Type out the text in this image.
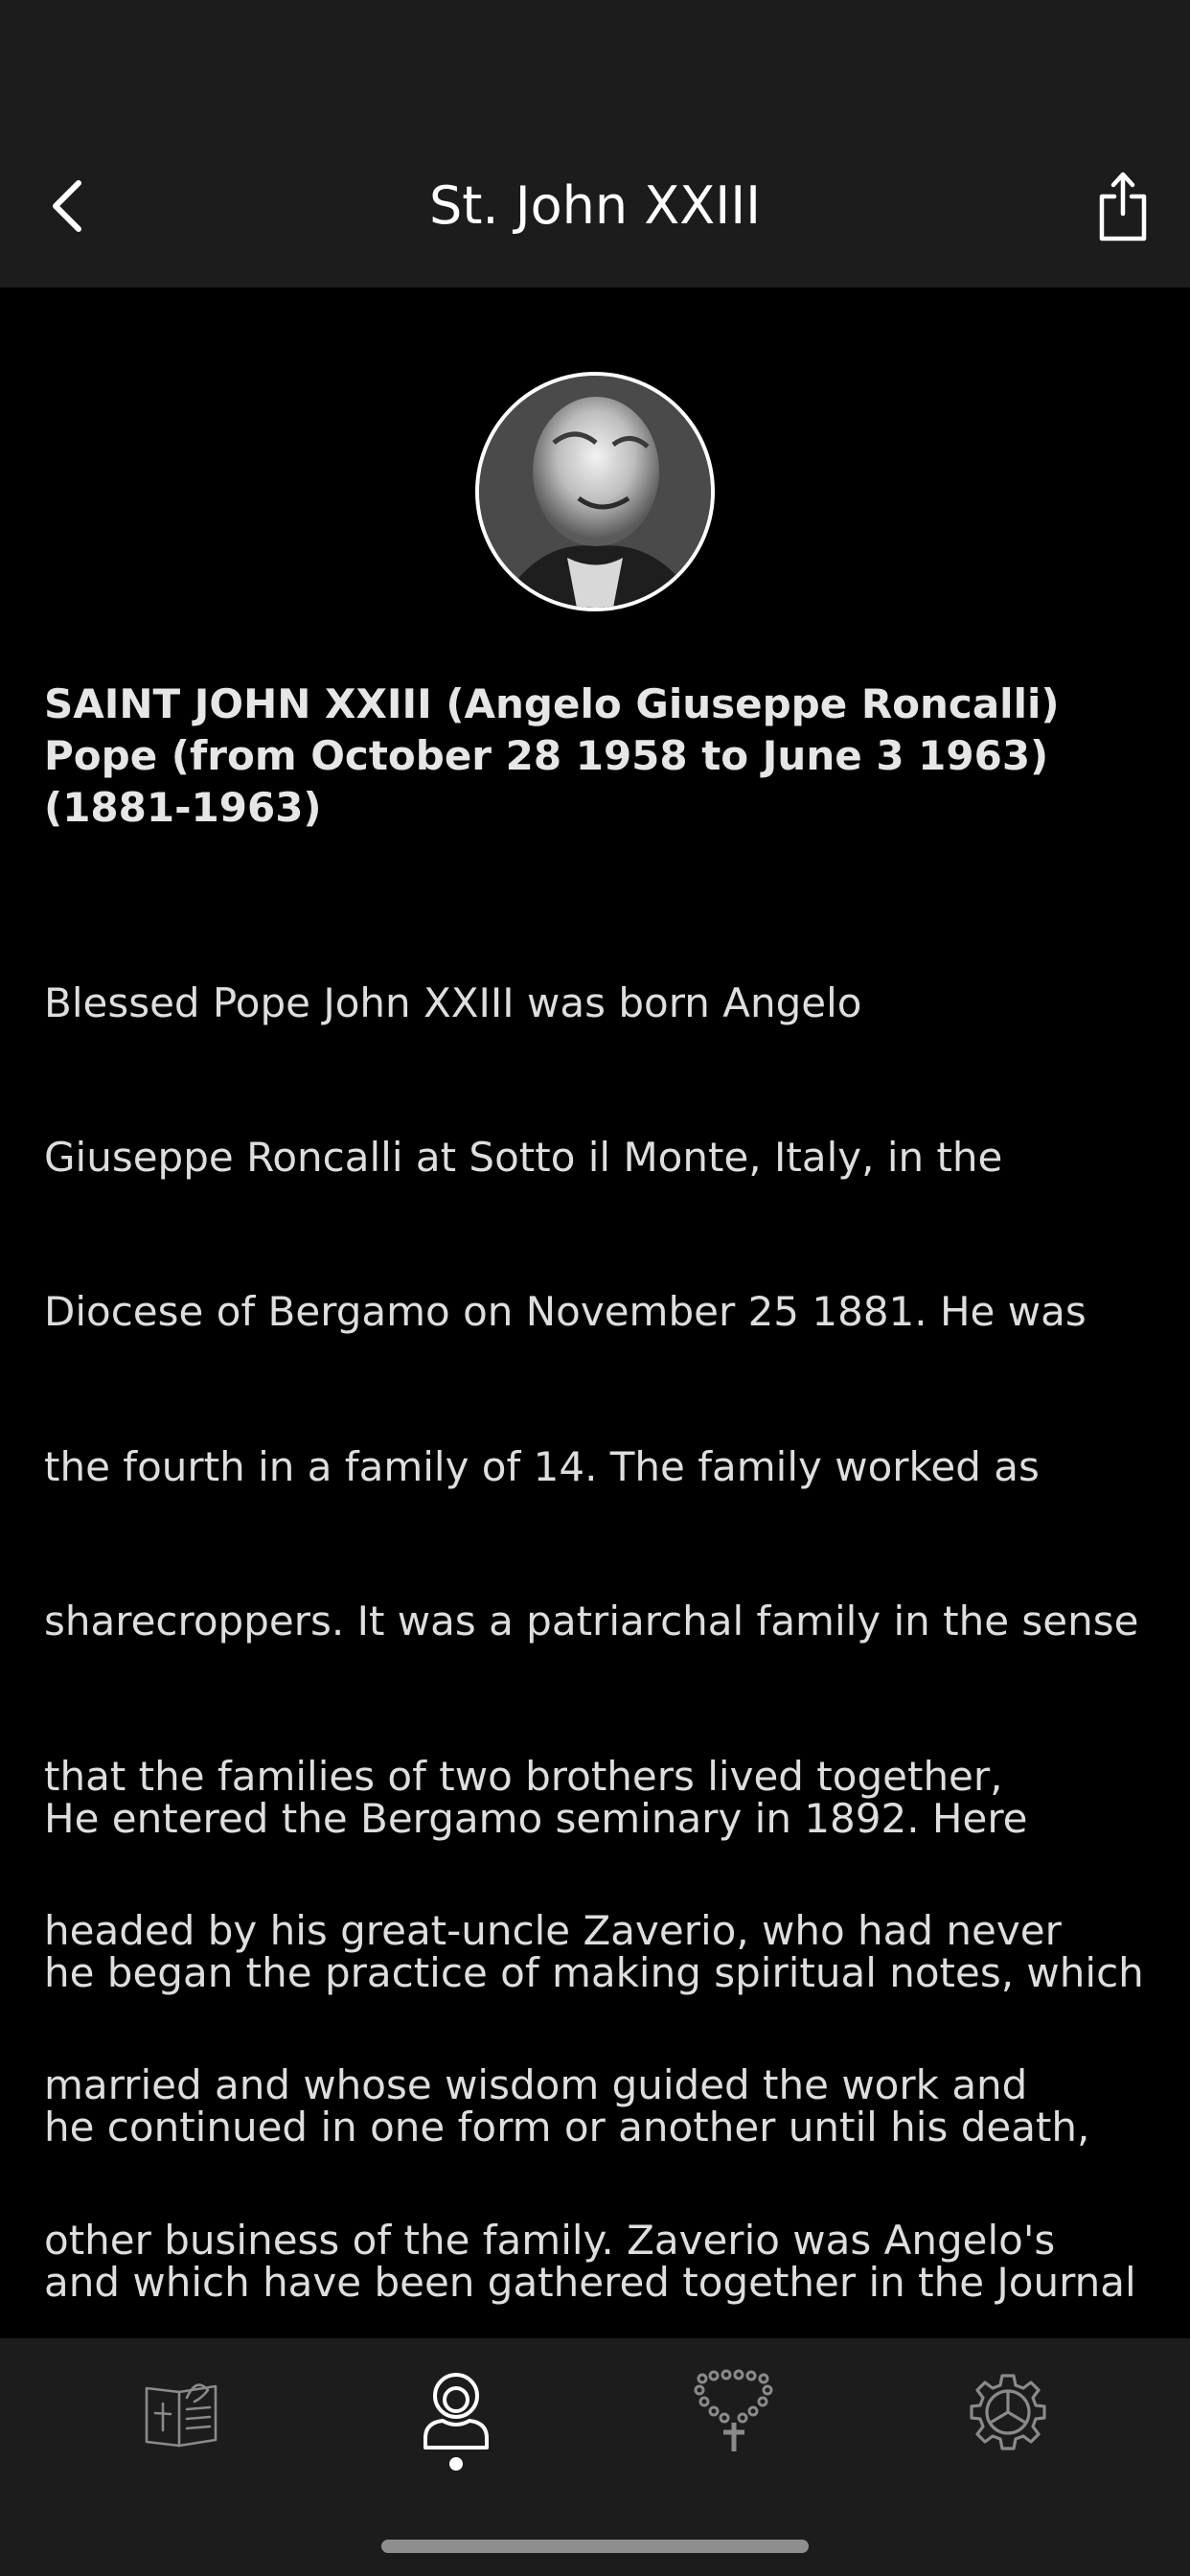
St. John XXIII
SAINT JOHN XXIII (Angelo Giuseppe Roncalli)
Pope (from October 28 1958 to June 3 1963)
(1881-1963)

Blessed Pope John XXIII was born Angelo

Giuseppe Roncalli at Sotto il Monte, Italy, in the

Diocese of Bergamo on November 25 1881. He was

the fourth in a family of 14. The family worked as

sharecroppers. It was a patriarchal family in the sense

that the families of two brothers lived together,

headed by his great-uncle Zaverio, who had never

married and whose wisdom guided the work and

other business of the family. Zaverio was Angelo's

He entered the Bergamo seminary in 1892. Here

he began the practice of making spiritual notes, which

he continued in one form or another until his death,

and which have been gathered together in the Journal
